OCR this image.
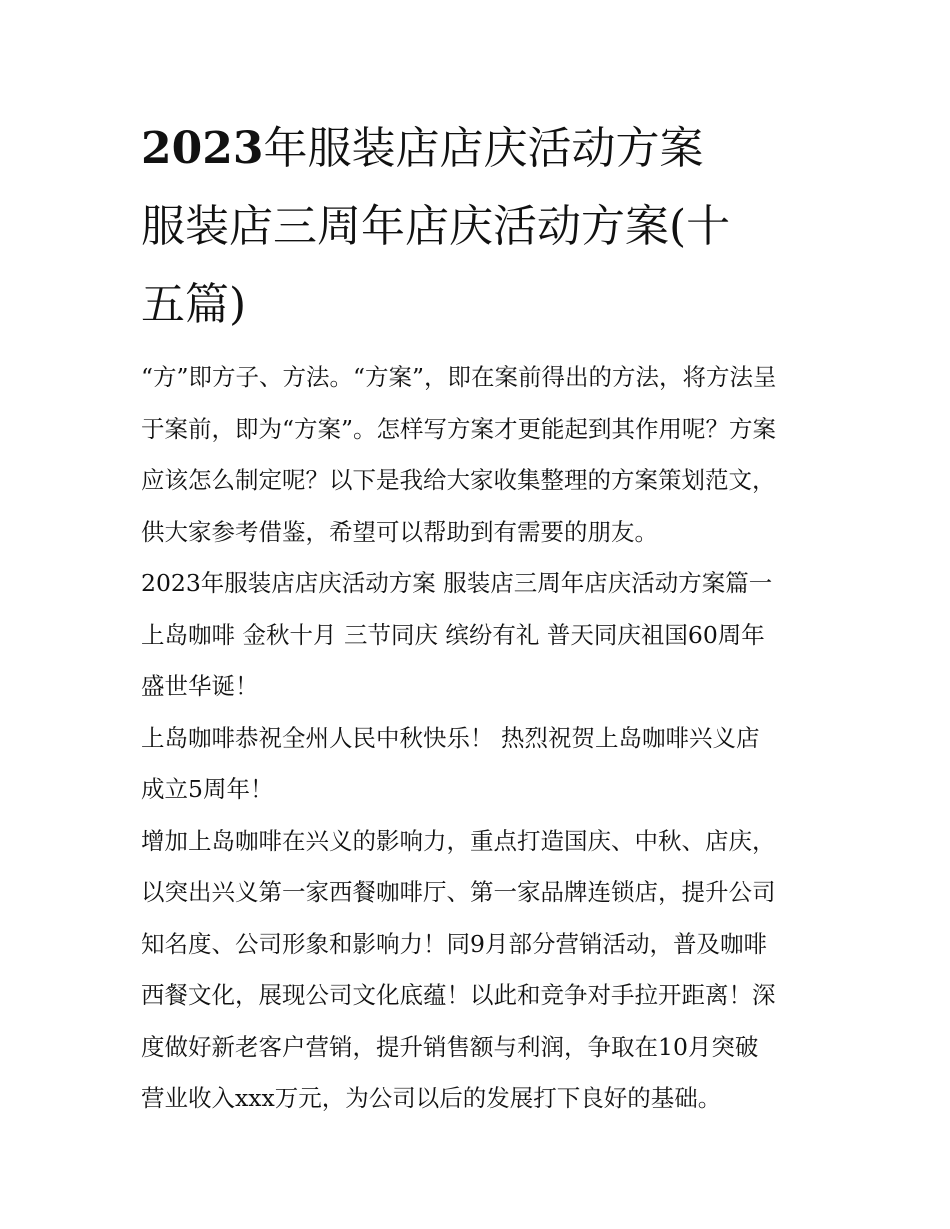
2023年服装店店庆活动方案
服装店三周年店庆活动方案(十
五篇)

“方”即方子、方法。“方案”，即在案前得出的方法，将方法呈
于案前，即为“方案”。怎样写方案才更能起到其作用呢？方案
应该怎么制定呢？以下是我给大家收集整理的方案策划范文，
供大家参考借鉴，希望可以帮助到有需要的朋友。

2023年服装店店庆活动方案 服装店三周年店庆活动方案篇一

上岛咖啡 金秋十月 三节同庆 缤纷有礼 普天同庆祖国60周年
盛世华诞！

上岛咖啡恭祝全州人民中秋快乐！ 热烈祝贺上岛咖啡兴义店
成立5周年！

增加上岛咖啡在兴义的影响力，重点打造国庆、中秋、店庆，
以突出兴义第一家西餐咖啡厅、第一家品牌连锁店，提升公司
知名度、公司形象和影响力！同9月部分营销活动，普及咖啡
西餐文化，展现公司文化底蕴！以此和竞争对手拉开距离！深
度做好新老客户营销，提升销售额与利润，争取在10月突破
营业收入xxx万元，为公司以后的发展打下良好的基础。
